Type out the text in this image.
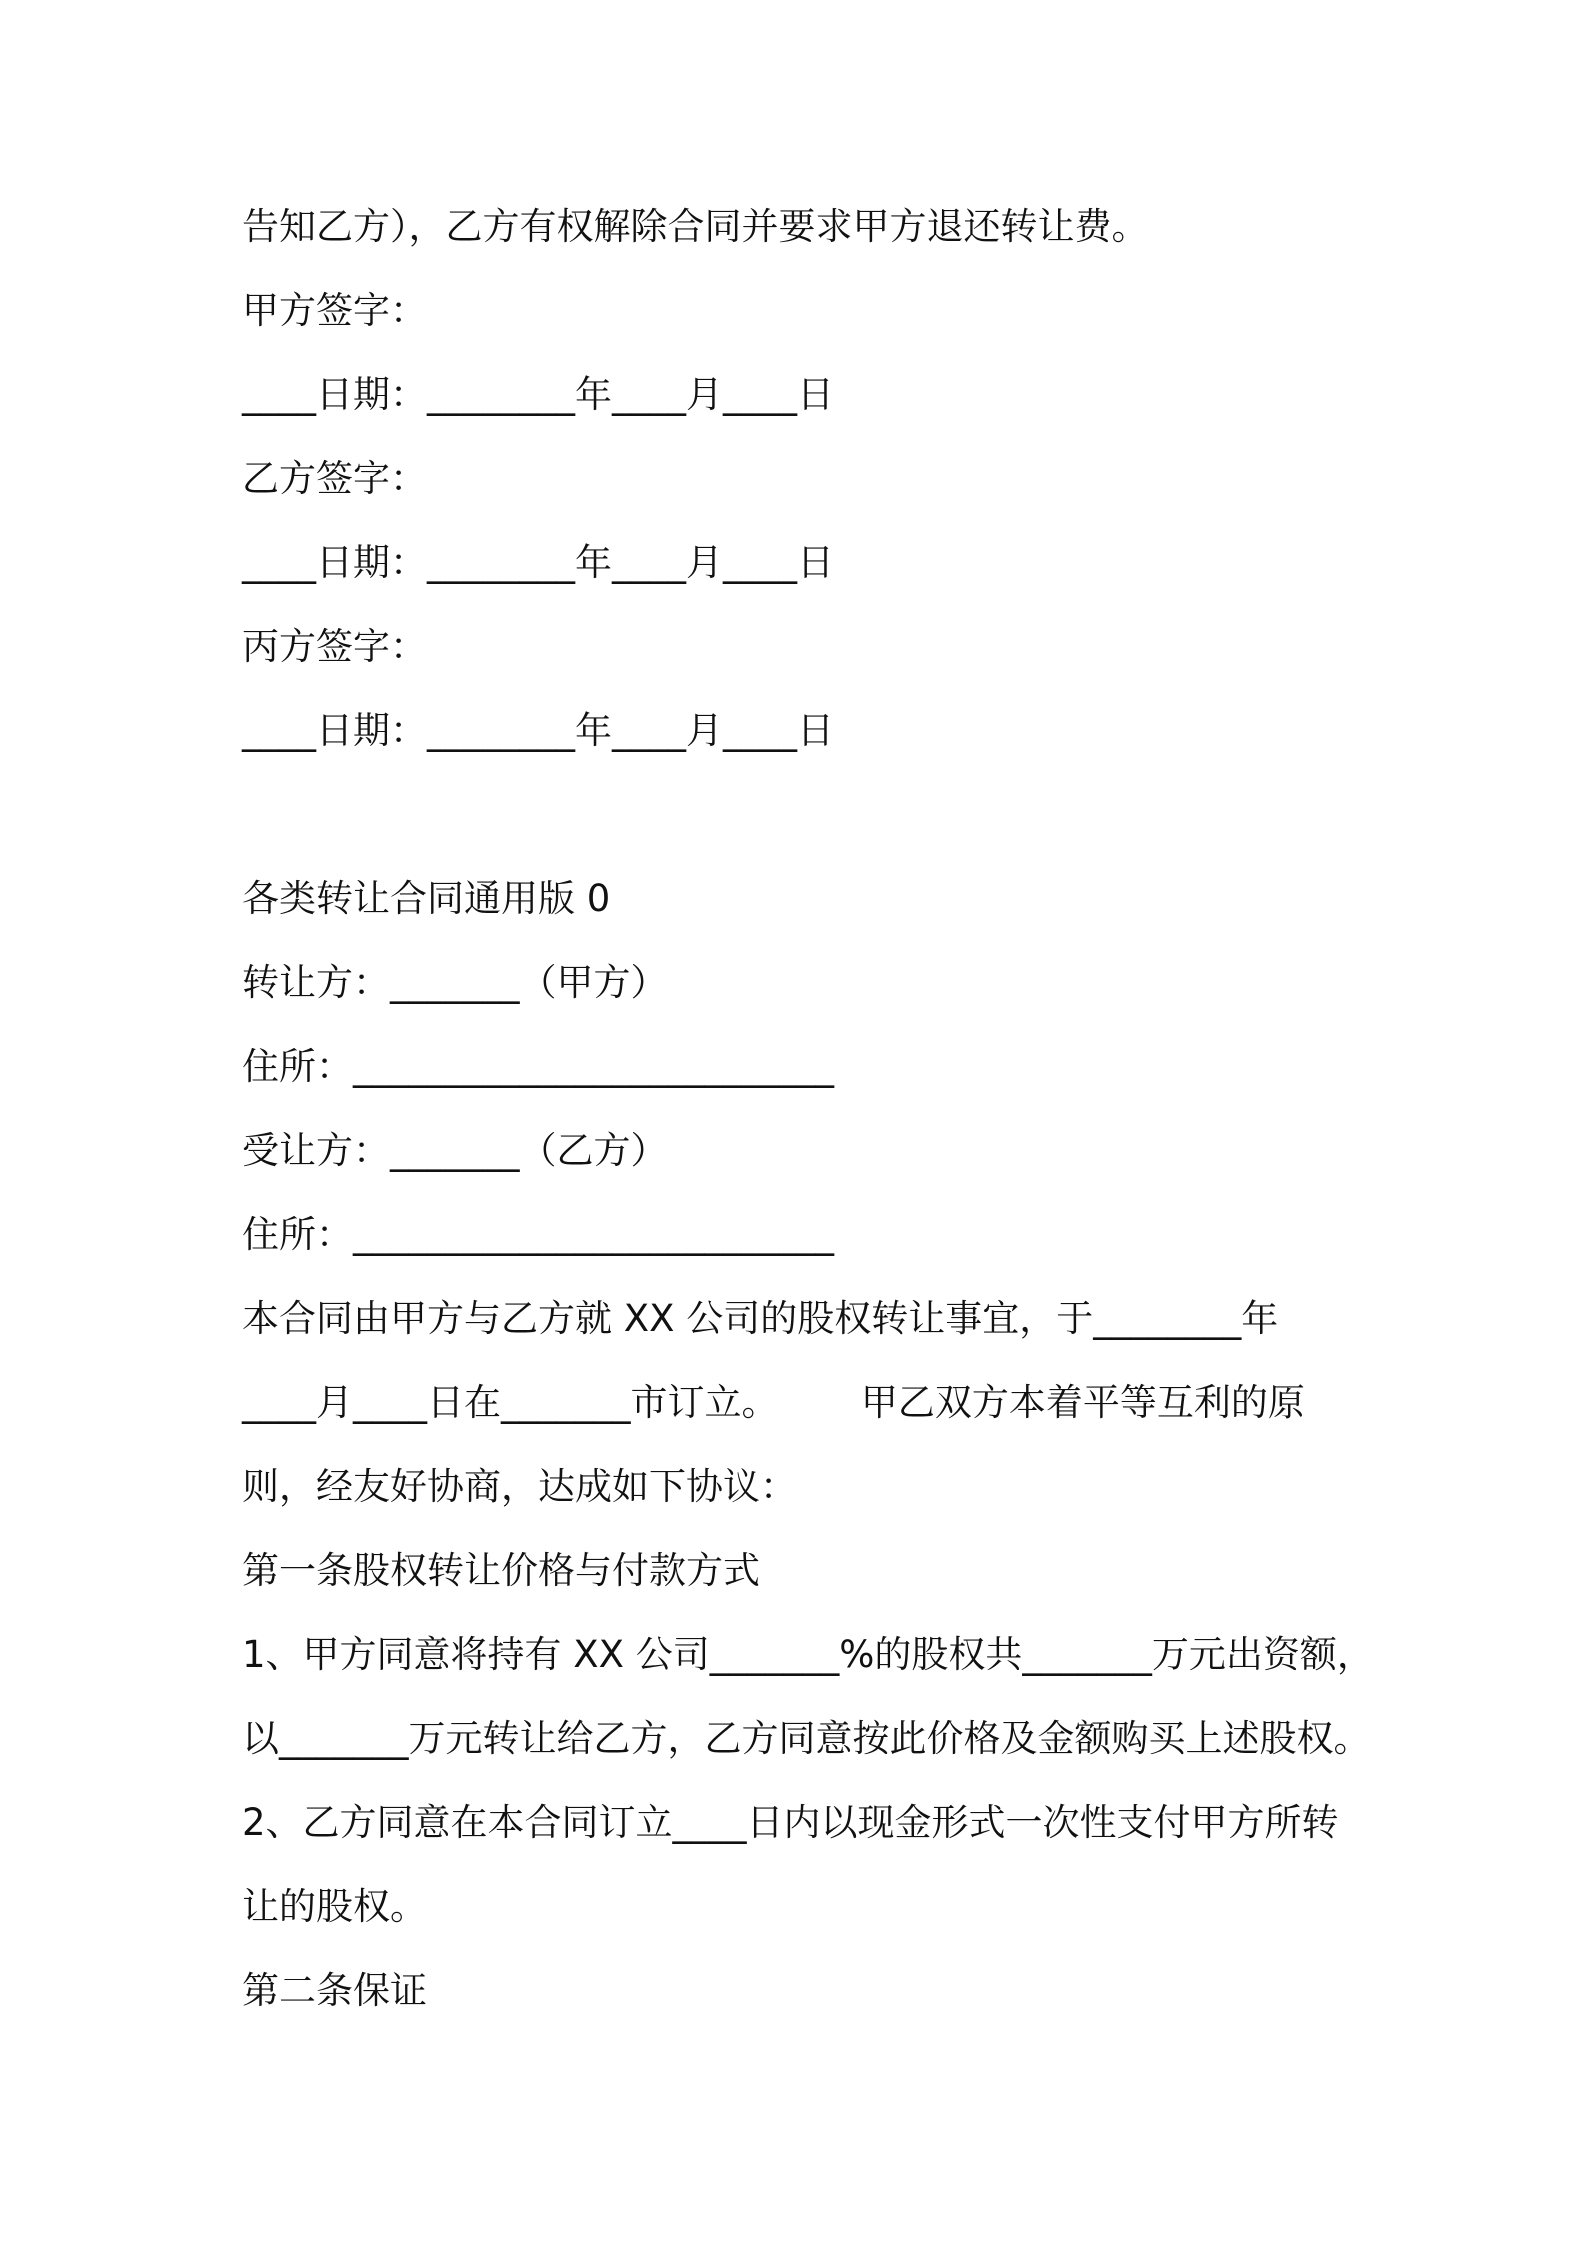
告知乙方），乙方有权解除合同并要求甲方退还转让费。
甲方签字：
____日期：________年____月____日
乙方签字：
____日期：________年____月____日
丙方签字：
____日期：________年____月____日
各类转让合同通用版 0
转让方：_______（甲方）
住所：__________________________
受让方：_______（乙方）
住所：__________________________
本合同由甲方与乙方就 XX 公司的股权转让事宜，于________年
____月____日在_______市订立。       甲乙双方本着平等互利的原
则，经友好协商，达成如下协议：
第一条股权转让价格与付款方式
1、甲方同意将持有 XX 公司_______%的股权共_______万元出资额，
以_______万元转让给乙方，乙方同意按此价格及金额购买上述股权。
2、乙方同意在本合同订立____日内以现金形式一次性支付甲方所转
让的股权。
第二条保证
